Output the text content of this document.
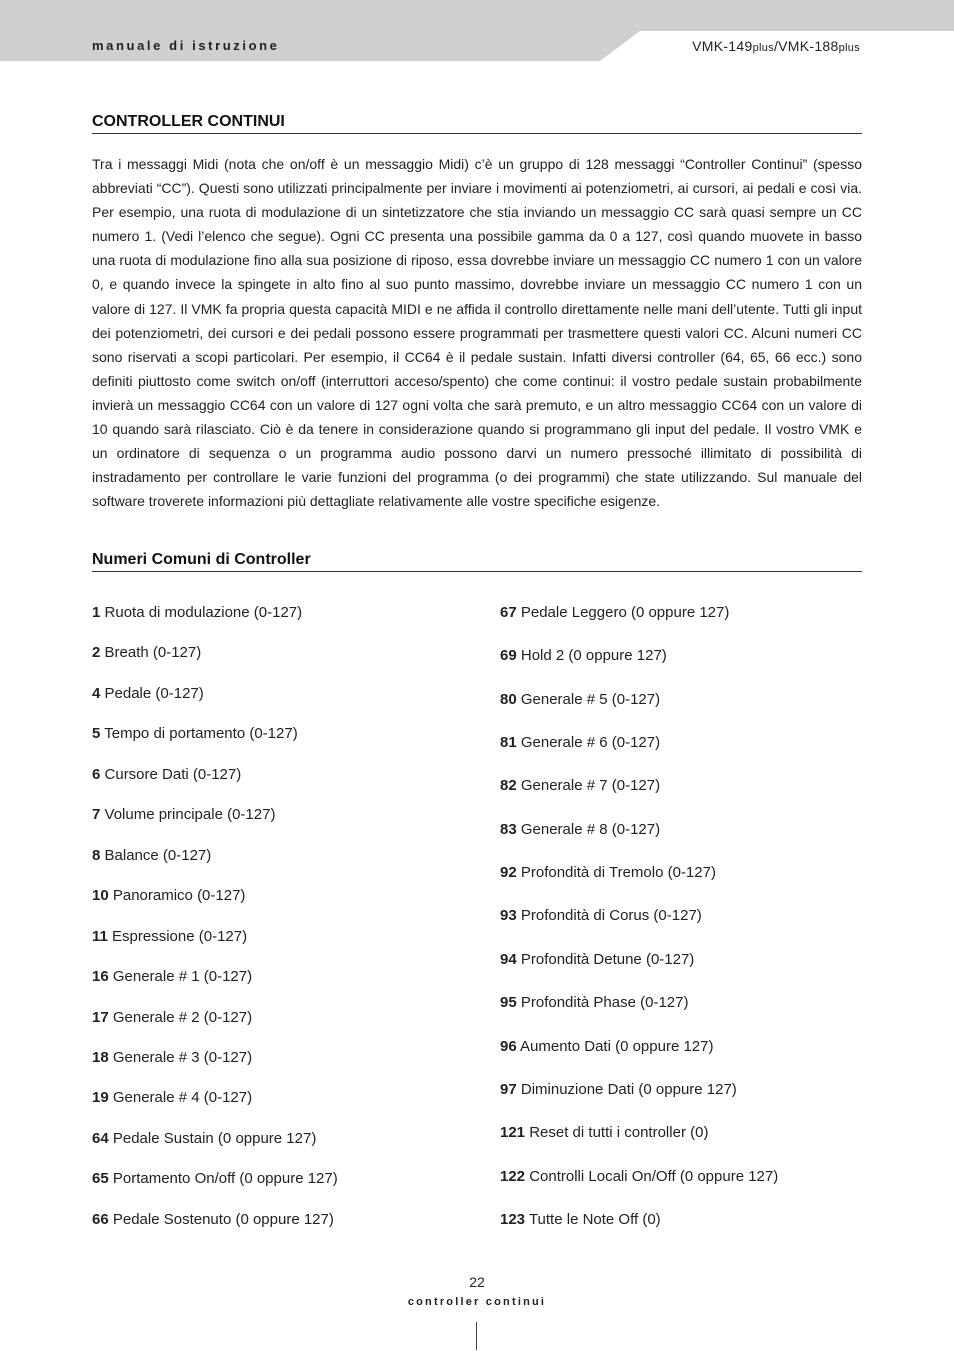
manuale di istruzione	VMK-149plus/VMK-188plus
CONTROLLER CONTINUI
Tra i messaggi Midi (nota che on/off è un messaggio Midi) c’è un gruppo di 128 messaggi “Controller Continui” (spesso abbreviati “CC”). Questi sono utilizzati principalmente per inviare i movimenti ai potenziometri, ai cursori, ai pedali e così via. Per esempio, una ruota di modulazione di un sintetizzatore che stia inviando un messaggio CC sarà quasi sempre un CC numero 1. (Vedi l’elenco che segue). Ogni CC presenta una possibile gamma da 0 a 127, così quando muovete in basso una ruota di modulazione fino alla sua posizione di riposo, essa dovrebbe inviare un messaggio CC numero 1 con un valore 0, e quando invece la spingete in alto fino al suo punto massimo, dovrebbe inviare un messaggio CC numero 1 con un valore di 127. Il VMK fa propria questa capacità MIDI e ne affida il controllo direttamente nelle mani dell’utente. Tutti gli input dei potenziometri, dei cursori e dei pedali possono essere programmati per trasmettere questi valori CC. Alcuni numeri CC sono riservati a scopi particolari. Per esempio, il CC64 è il pedale sustain. Infatti diversi controller (64, 65, 66 ecc.) sono definiti piuttosto come switch on/off (interruttori acceso/spento) che come continui: il vostro pedale sustain probabilmente invierà un messaggio CC64 con un valore di 127 ogni volta che sarà premuto, e un altro messaggio CC64 con un valore di 10 quando sarà rilasciato. Ciò è da tenere in considerazione quando si programmano gli input del pedale. Il vostro VMK e un ordinatore di sequenza o un programma audio possono darvi un numero pressoché illimitato di possibilità di instradamento per controllare le varie funzioni del programma (o dei programmi) che state utilizzando. Sul manuale del software troverete informazioni più dettagliate relativamente alle vostre specifiche esigenze.
Numeri Comuni di Controller
1 Ruota di modulazione (0-127)
2 Breath (0-127)
4 Pedale (0-127)
5 Tempo di portamento (0-127)
6 Cursore Dati (0-127)
7 Volume principale (0-127)
8 Balance (0-127)
10 Panoramico (0-127)
11 Espressione (0-127)
16 Generale # 1 (0-127)
17 Generale # 2 (0-127)
18 Generale # 3 (0-127)
19 Generale # 4 (0-127)
64 Pedale Sustain (0 oppure 127)
65 Portamento On/off (0 oppure 127)
66 Pedale Sostenuto (0 oppure 127)
67 Pedale Leggero (0 oppure 127)
69 Hold 2 (0 oppure 127)
80 Generale # 5 (0-127)
81 Generale # 6 (0-127)
82 Generale # 7 (0-127)
83 Generale # 8 (0-127)
92 Profondità di Tremolo (0-127)
93 Profondità di Corus (0-127)
94 Profondità Detune (0-127)
95 Profondità Phase (0-127)
96 Aumento Dati (0 oppure 127)
97 Diminuzione Dati (0 oppure 127)
121 Reset di tutti i controller (0)
122 Controlli Locali On/Off (0 oppure 127)
123 Tutte le Note Off (0)
22
controller continui
